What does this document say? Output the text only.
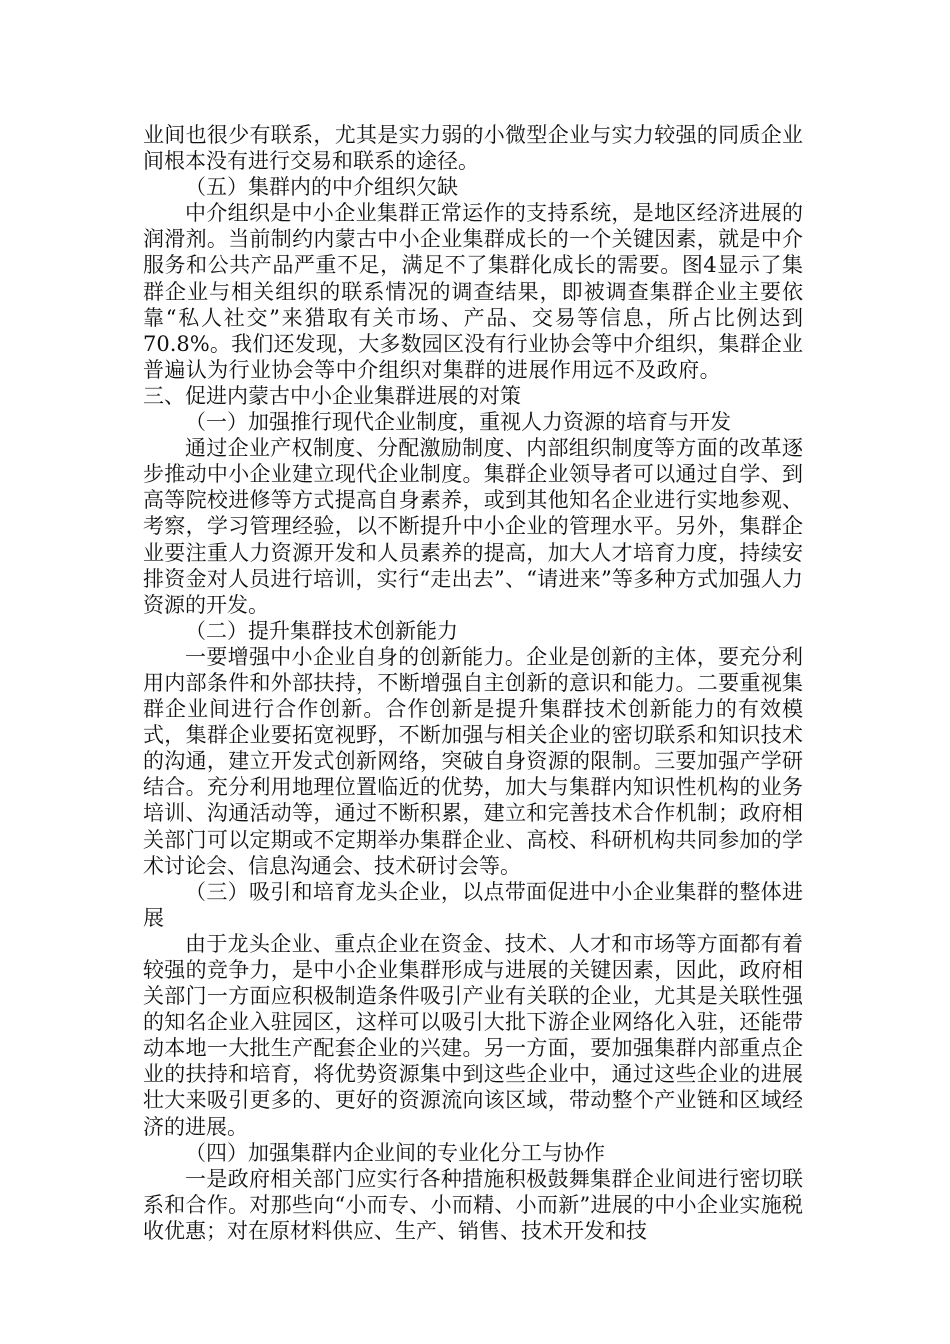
业间也很少有联系，尤其是实力弱的小微型企业与实力较强的同质企业间根本没有进行交易和联系的途径。

（五）集群内的中介组织欠缺

中介组织是中小企业集群正常运作的支持系统，是地区经济进展的润滑剂。当前制约内蒙古中小企业集群成长的一个关键因素，就是中介服务和公共产品严重不足，满足不了集群化成长的需要。图4显示了集群企业与相关组织的联系情况的调查结果，即被调查集群企业主要依靠“私人社交”来猎取有关市场、产品、交易等信息，所占比例达到70.8%。我们还发现，大多数园区没有行业协会等中介组织，集群企业普遍认为行业协会等中介组织对集群的进展作用远不及政府。三、促进内蒙古中小企业集群进展的对策

（一）加强推行现代企业制度，重视人力资源的培育与开发

通过企业产权制度、分配激励制度、内部组织制度等方面的改革逐步推动中小企业建立现代企业制度。集群企业领导者可以通过自学、到高等院校进修等方式提高自身素养，或到其他知名企业进行实地参观、考察，学习管理经验，以不断提升中小企业的管理水平。另外，集群企业要注重人力资源开发和人员素养的提高，加大人才培育力度，持续安排资金对人员进行培训，实行“走出去”、“请进来”等多种方式加强人力资源的开发。

（二）提升集群技术创新能力

一要增强中小企业自身的创新能力。企业是创新的主体，要充分利用内部条件和外部扶持，不断增强自主创新的意识和能力。二要重视集群企业间进行合作创新。合作创新是提升集群技术创新能力的有效模式，集群企业要拓宽视野，不断加强与相关企业的密切联系和知识技术的沟通，建立开发式创新网络，突破自身资源的限制。三要加强产学研结合。充分利用地理位置临近的优势，加大与集群内知识性机构的业务培训、沟通活动等，通过不断积累，建立和完善技术合作机制；政府相关部门可以定期或不定期举办集群企业、高校、科研机构共同参加的学术讨论会、信息沟通会、技术研讨会等。

（三）吸引和培育龙头企业，以点带面促进中小企业集群的整体进展

由于龙头企业、重点企业在资金、技术、人才和市场等方面都有着较强的竞争力，是中小企业集群形成与进展的关键因素，因此，政府相关部门一方面应积极制造条件吸引产业有关联的企业，尤其是关联性强的知名企业入驻园区，这样可以吸引大批下游企业网络化入驻，还能带动本地一大批生产配套企业的兴建。另一方面，要加强集群内部重点企业的扶持和培育，将优势资源集中到这些企业中，通过这些企业的进展壮大来吸引更多的、更好的资源流向该区域，带动整个产业链和区域经济的进展。

（四）加强集群内企业间的专业化分工与协作

一是政府相关部门应实行各种措施积极鼓舞集群企业间进行密切联系和合作。对那些向“小而专、小而精、小而新”进展的中小企业实施税收优惠；对在原材料供应、生产、销售、技术开发和技
